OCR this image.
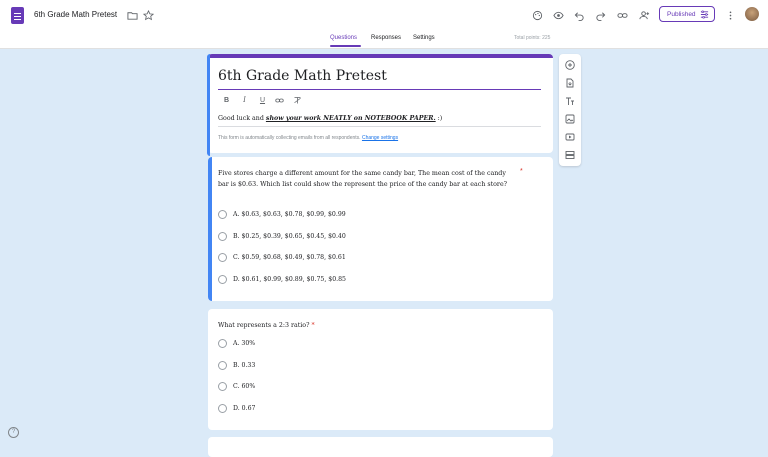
6th Grade Math Pretest	Published
Questions Responses Settings	Total points: 225
6th Grade Math Pretest
B	I	U
Good luck and show your work NEATLY on NOTEBOOK PAPER. :)
This form is automatically collecting emails from all respondents. Change settings
Five stores charge a different amount for the same candy bar, The mean cost of the candy bar is $0.63. Which list could show the represent the price of the candy bar at each store?
*
A. $0.63, $0.63, $0.78, $0.99, $0.99
B. $0.25, $0.39, $0.65, $0.45, $0.40
C. $0.59, $0.68, $0.49, $0.78, $0.61
D. $0.61, $0.99, $0.89, $0.75, $0.85
What represents a 2:3 ratio? *
A. 30%
B. 0.33
C. 60%
D. 0.67
?
